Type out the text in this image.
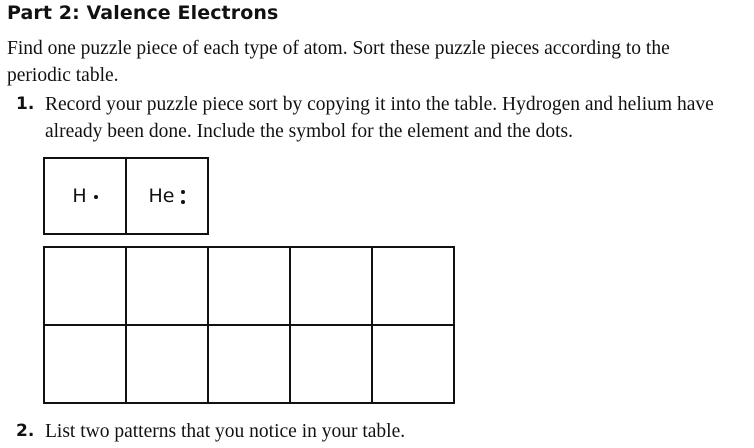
Part 2: Valence Electrons

Find one puzzle piece of each type of atom. Sort these puzzle pieces according to the periodic table.

1. Record your puzzle piece sort by copying it into the table. Hydrogen and helium have already been done. Include the symbol for the element and the dots.

H	He

2. List two patterns that you notice in your table.
